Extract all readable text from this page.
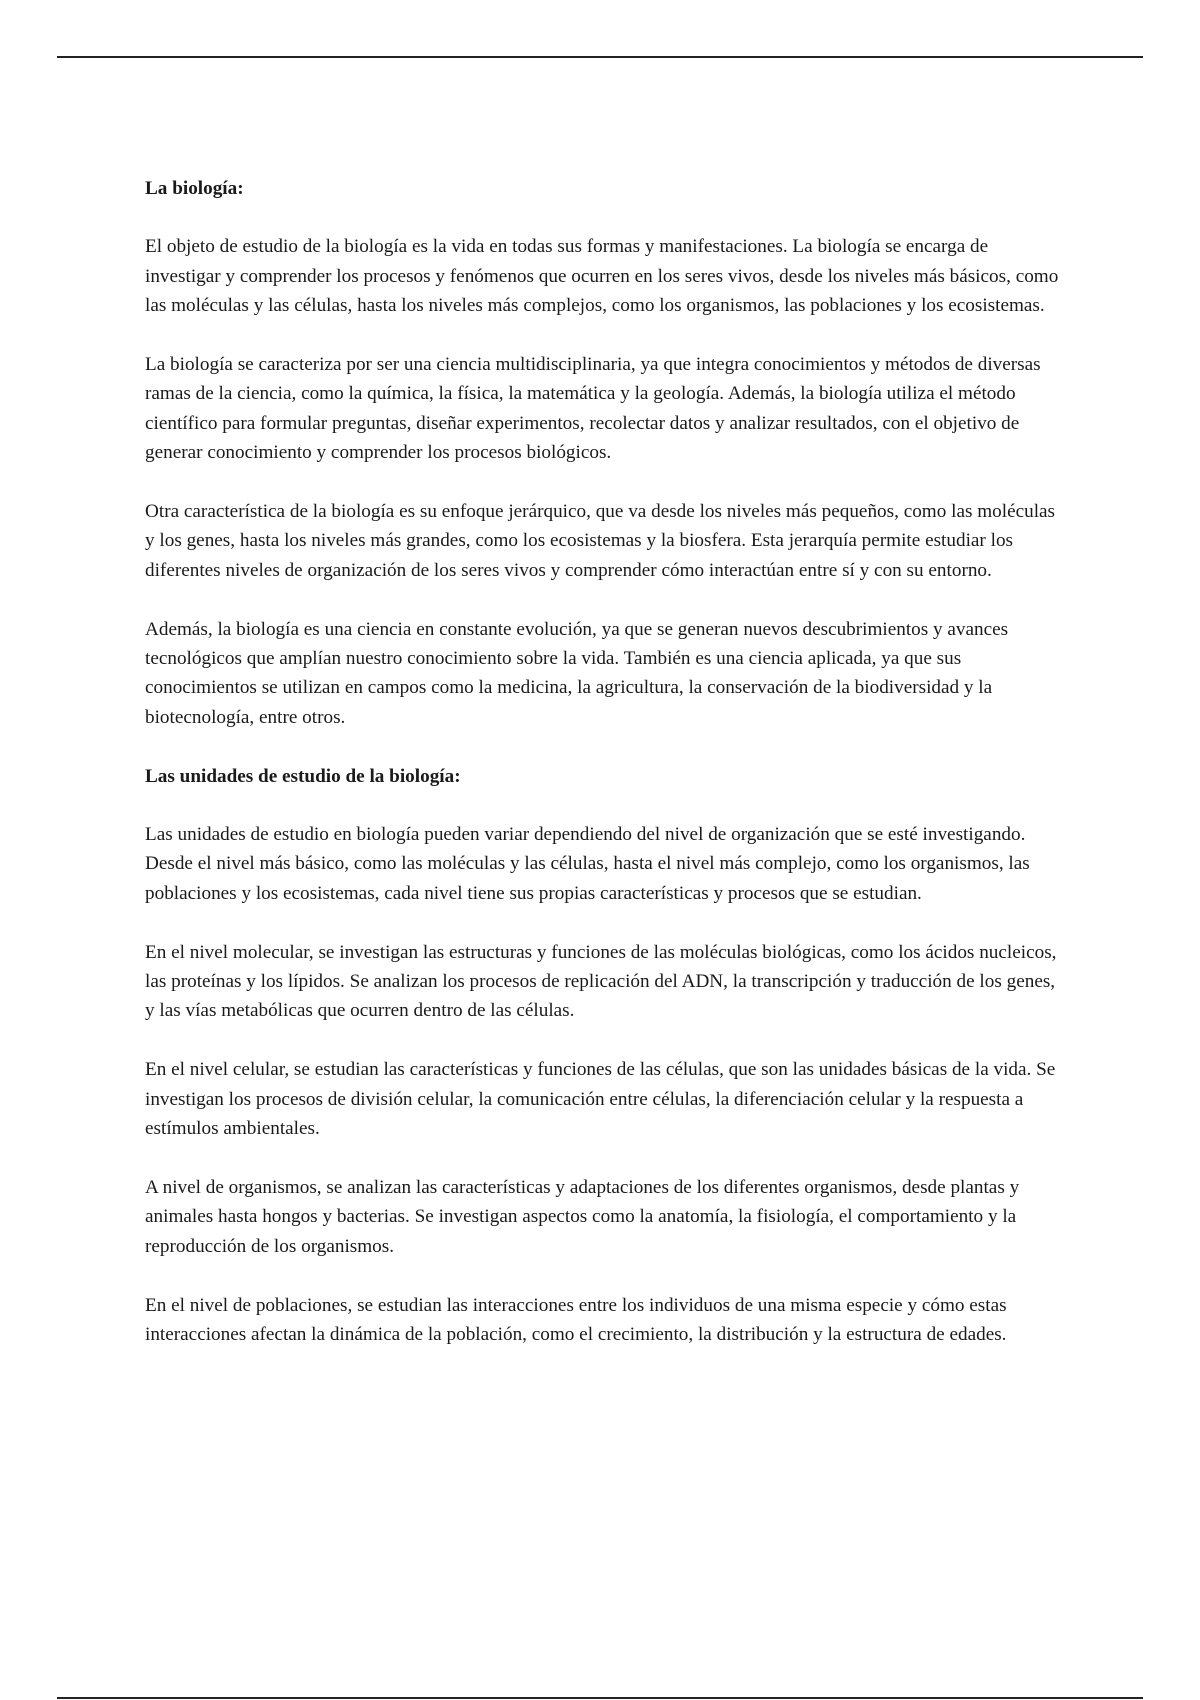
La biología:

El objeto de estudio de la biología es la vida en todas sus formas y manifestaciones. La biología se encarga de investigar y comprender los procesos y fenómenos que ocurren en los seres vivos, desde los niveles más básicos, como las moléculas y las células, hasta los niveles más complejos, como los organismos, las poblaciones y los ecosistemas.

La biología se caracteriza por ser una ciencia multidisciplinaria, ya que integra conocimientos y métodos de diversas ramas de la ciencia, como la química, la física, la matemática y la geología. Además, la biología utiliza el método científico para formular preguntas, diseñar experimentos, recolectar datos y analizar resultados, con el objetivo de generar conocimiento y comprender los procesos biológicos.

Otra característica de la biología es su enfoque jerárquico, que va desde los niveles más pequeños, como las moléculas y los genes, hasta los niveles más grandes, como los ecosistemas y la biosfera. Esta jerarquía permite estudiar los diferentes niveles de organización de los seres vivos y comprender cómo interactúan entre sí y con su entorno.

Además, la biología es una ciencia en constante evolución, ya que se generan nuevos descubrimientos y avances tecnológicos que amplían nuestro conocimiento sobre la vida. También es una ciencia aplicada, ya que sus conocimientos se utilizan en campos como la medicina, la agricultura, la conservación de la biodiversidad y la biotecnología, entre otros.

Las unidades de estudio de la biología:

Las unidades de estudio en biología pueden variar dependiendo del nivel de organización que se esté investigando. Desde el nivel más básico, como las moléculas y las células, hasta el nivel más complejo, como los organismos, las poblaciones y los ecosistemas, cada nivel tiene sus propias características y procesos que se estudian.

En el nivel molecular, se investigan las estructuras y funciones de las moléculas biológicas, como los ácidos nucleicos, las proteínas y los lípidos. Se analizan los procesos de replicación del ADN, la transcripción y traducción de los genes, y las vías metabólicas que ocurren dentro de las células.

En el nivel celular, se estudian las características y funciones de las células, que son las unidades básicas de la vida. Se investigan los procesos de división celular, la comunicación entre células, la diferenciación celular y la respuesta a estímulos ambientales.

A nivel de organismos, se analizan las características y adaptaciones de los diferentes organismos, desde plantas y animales hasta hongos y bacterias. Se investigan aspectos como la anatomía, la fisiología, el comportamiento y la reproducción de los organismos.

En el nivel de poblaciones, se estudian las interacciones entre los individuos de una misma especie y cómo estas interacciones afectan la dinámica de la población, como el crecimiento, la distribución y la estructura de edades.
